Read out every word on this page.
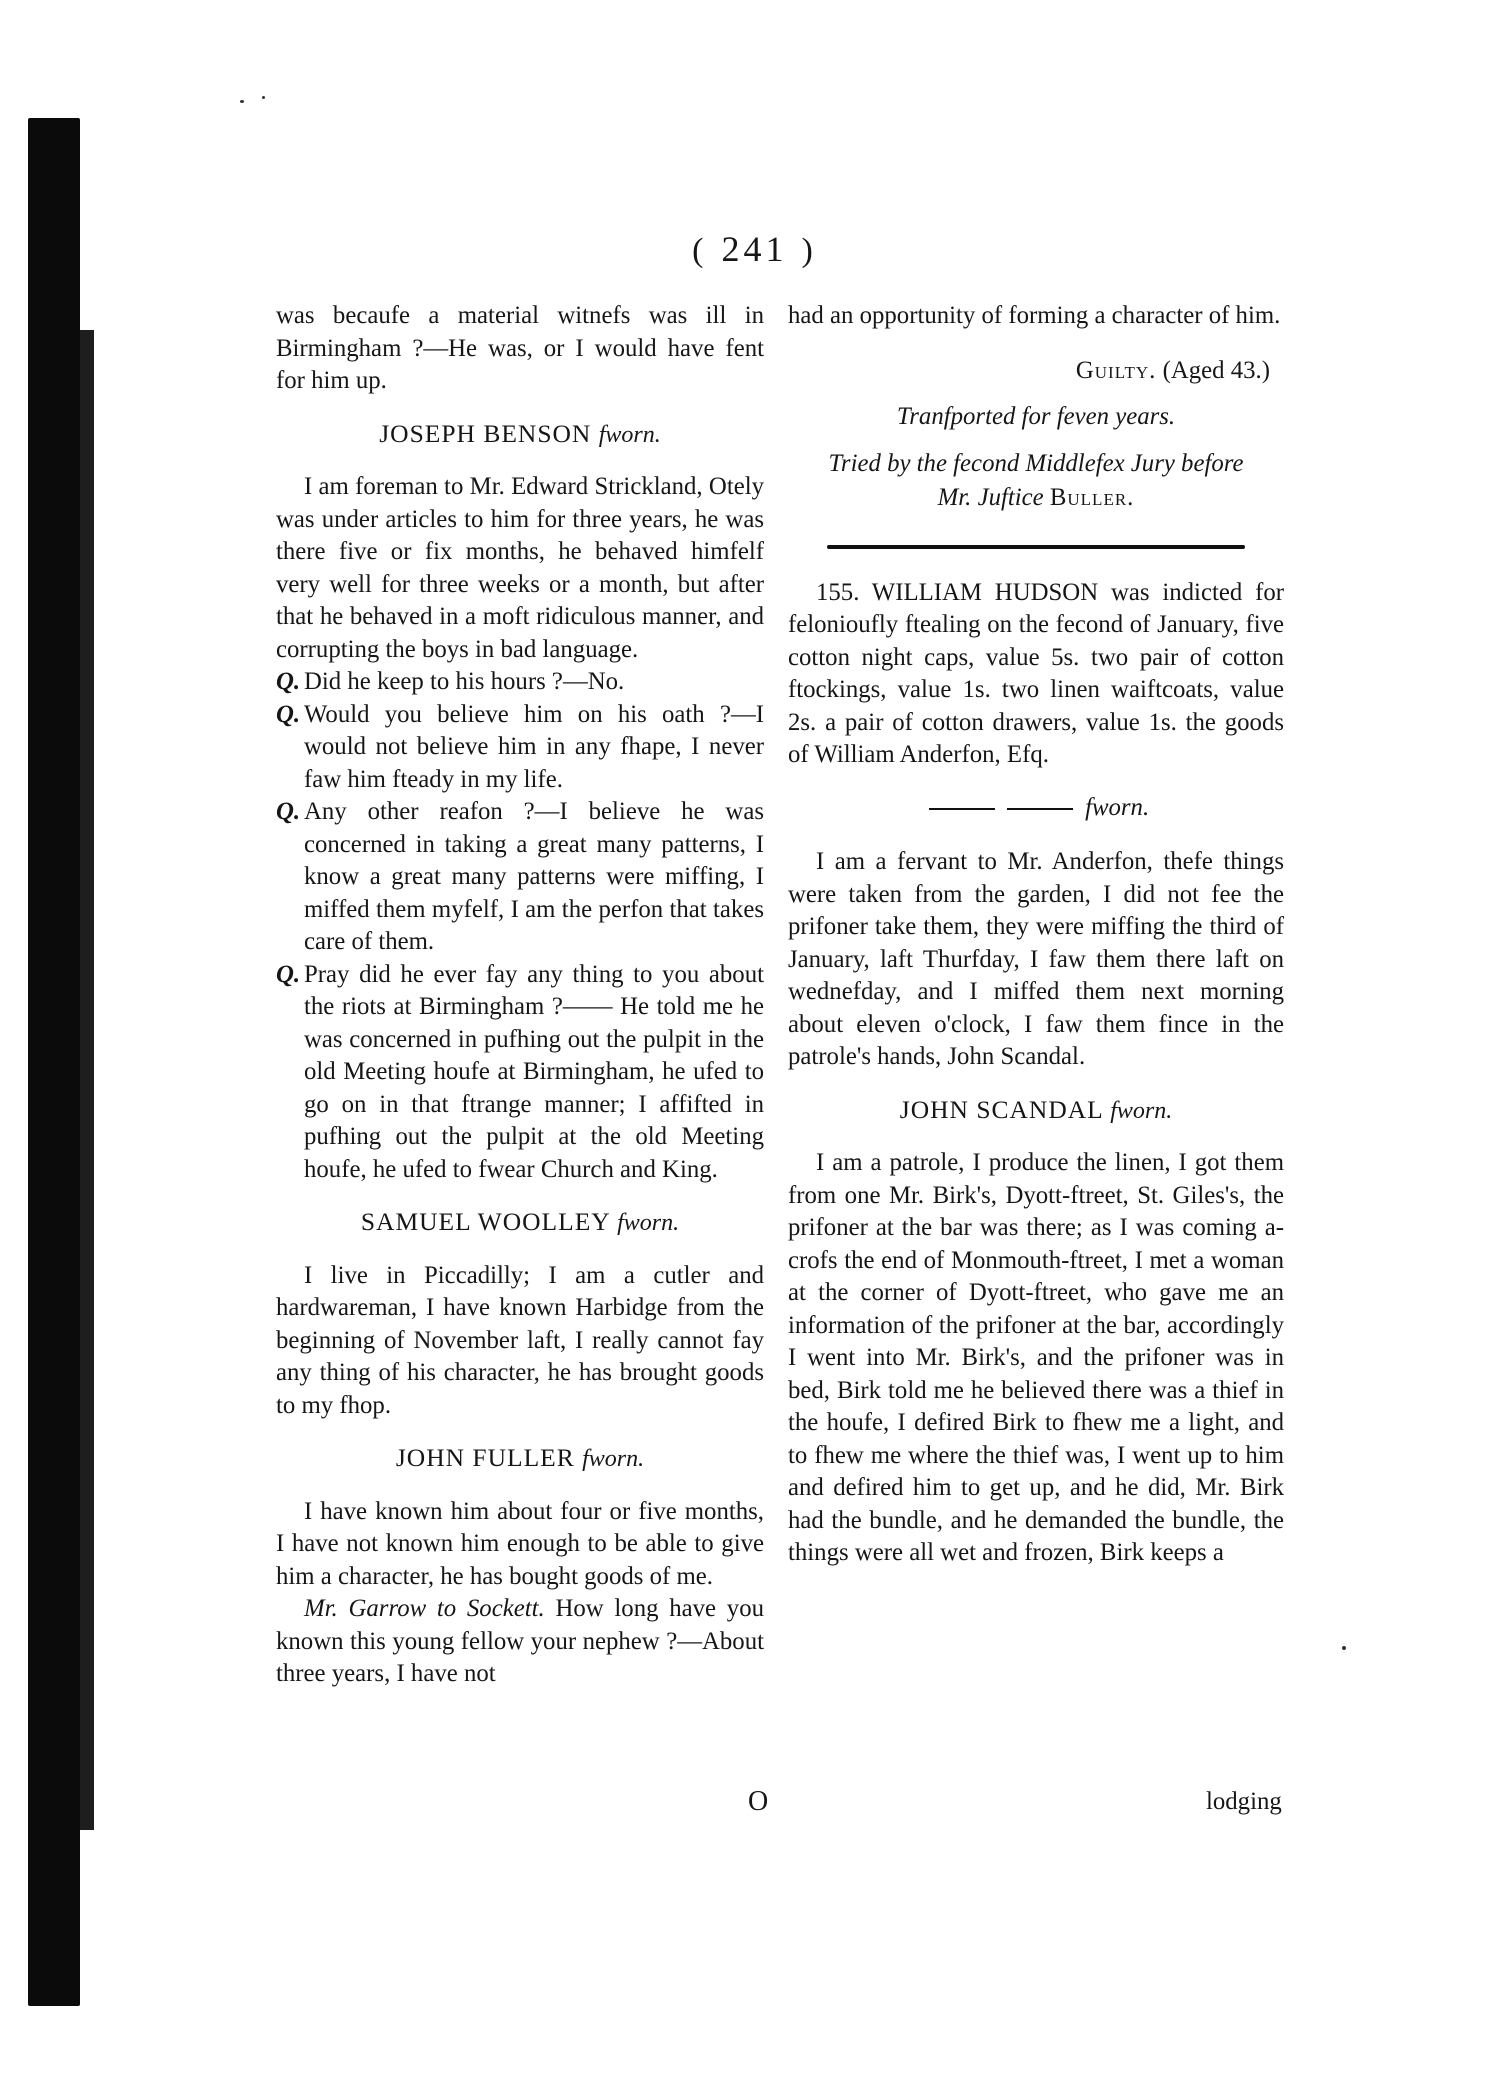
( 241 )

was becaufe a material witnefs was ill in Birmingham ?—He was, or I would have fent for him up.

JOSEPH BENSON fworn.

I am foreman to Mr. Edward Strickland, Otely was under articles to him for three years, he was there five or fix months, he behaved himfelf very well for three weeks or a month, but after that he behaved in a moft ridiculous manner, and corrupting the boys in bad language.

Q. Did he keep to his hours ?—No.

Q. Would you believe him on his oath ?—I would not believe him in any fhape, I never faw him fteady in my life.

Q. Any other reafon ?—I believe he was concerned in taking a great many patterns, I know a great many patterns were miffing, I miffed them myfelf, I am the perfon that takes care of them.

Q. Pray did he ever fay any thing to you about the riots at Birmingham ?—— He told me he was concerned in pufhing out the pulpit in the old Meeting houfe at Birmingham, he ufed to go on in that ftrange manner; I affifted in pufhing out the pulpit at the old Meeting houfe, he ufed to fwear Church and King.

SAMUEL WOOLLEY fworn.

I live in Piccadilly; I am a cutler and hardwareman, I have known Harbidge from the beginning of November laft, I really cannot fay any thing of his character, he has brought goods to my fhop.

JOHN FULLER fworn.

I have known him about four or five months, I have not known him enough to be able to give him a character, he has bought goods of me.

Mr. Garrow to Sockett. How long have you known this young fellow your nephew ?—About three years, I have not

had an opportunity of forming a character of him.

Guilty. (Aged 43.)

Tranfported for feven years.

Tried by the fecond Middlefex Jury before

Mr. Juftice Buller.

155. WILLIAM HUDSON was indicted for felonioufly ftealing on the fecond of January, five cotton night caps, value 5s. two pair of cotton ftockings, value 1s. two linen waiftcoats, value 2s. a pair of cotton drawers, value 1s. the goods of William Anderfon, Efq.

fworn.

I am a fervant to Mr. Anderfon, thefe things were taken from the garden, I did not fee the prifoner take them, they were miffing the third of January, laft Thurfday, I faw them there laft on wednefday, and I miffed them next morning about eleven o'clock, I faw them fince in the patrole's hands, John Scandal.

JOHN SCANDAL fworn.

I am a patrole, I produce the linen, I got them from one Mr. Birk's, Dyott-ftreet, St. Giles's, the prifoner at the bar was there; as I was coming a-crofs the end of Monmouth-ftreet, I met a woman at the corner of Dyott-ftreet, who gave me an information of the prifoner at the bar, accordingly I went into Mr. Birk's, and the prifoner was in bed, Birk told me he believed there was a thief in the houfe, I defired Birk to fhew me a light, and to fhew me where the thief was, I went up to him and defired him to get up, and he did, Mr. Birk had the bundle, and he demanded the bundle, the things were all wet and frozen, Birk keeps a

O	lodging
